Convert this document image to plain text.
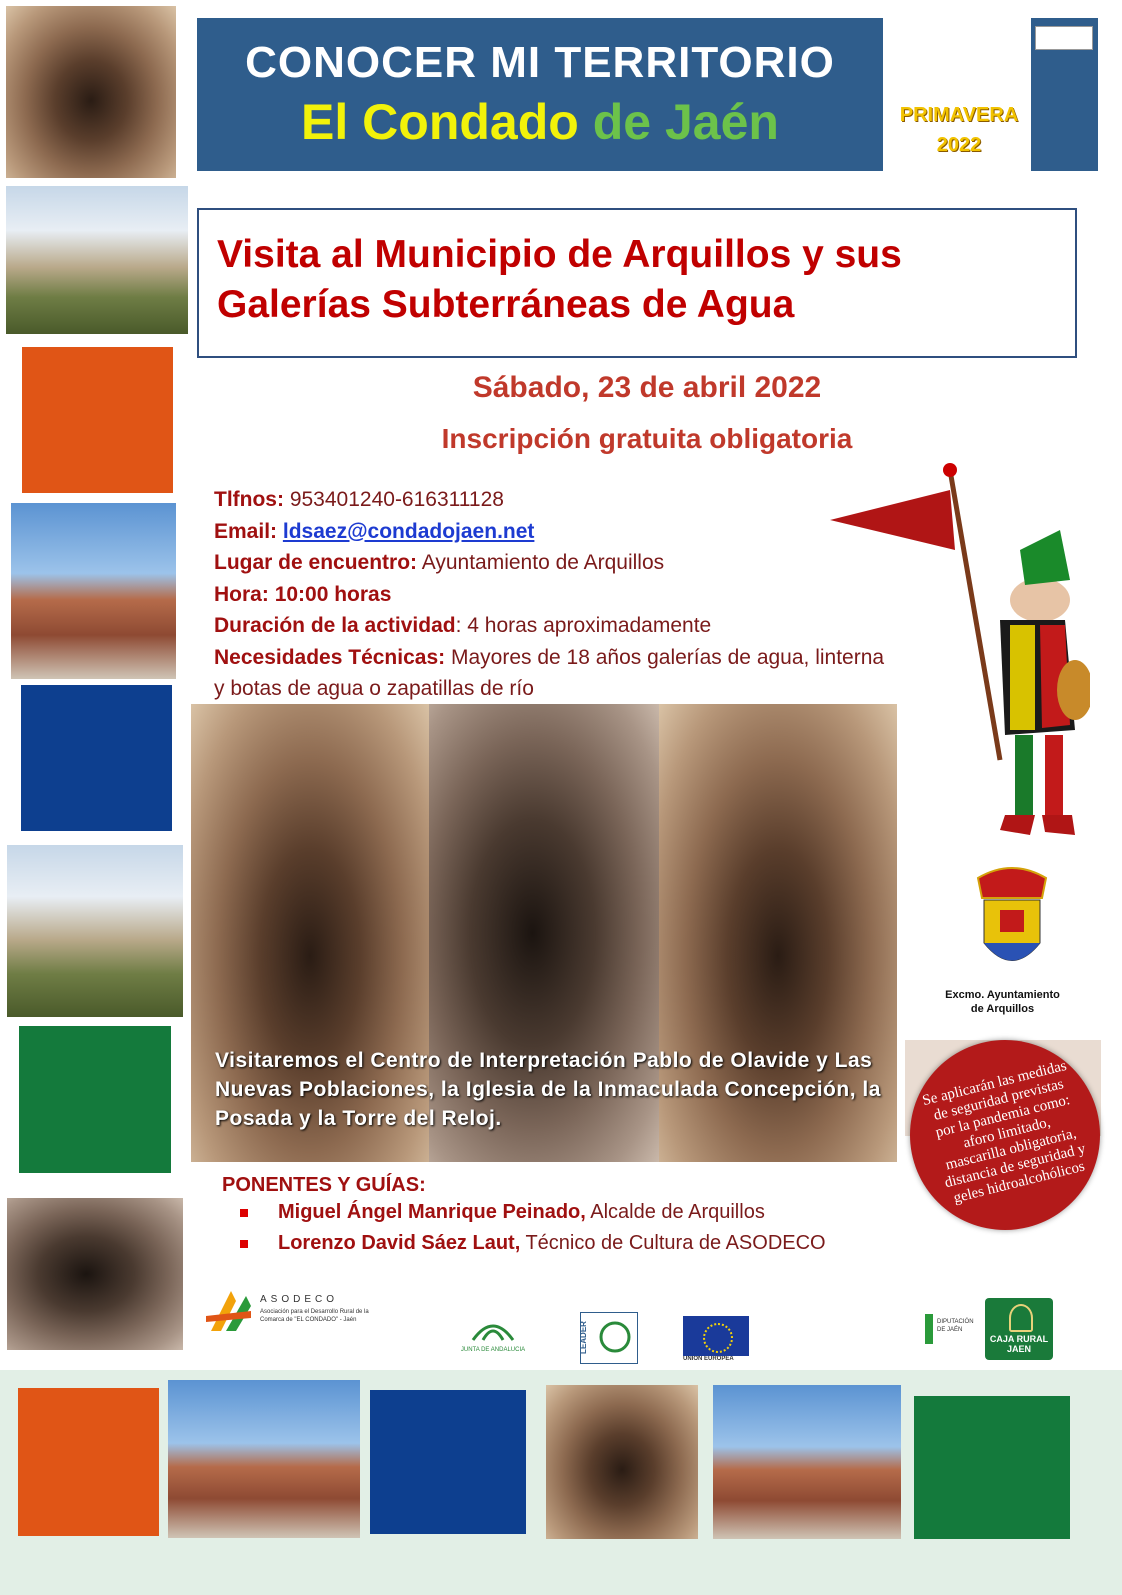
CONOCER MI TERRITORIO
El Condado de Jaén	PRIMAVERA
2022
Visita al Municipio de Arquillos y sus
Galerías Subterráneas de Agua
Sábado, 23 de abril 2022
Inscripción gratuita obligatoria
Tlfnos: 953401240-616311128
Email: ldsaez@condadojaen.net
Lugar de encuentro: Ayuntamiento de Arquillos
Hora: 10:00 horas
Duración de la actividad: 4 horas aproximadamente
Necesidades Técnicas: Mayores de 18 años galerías de agua, linterna
y botas de agua o zapatillas de río
Excmo. Ayuntamiento
de Arquillos
Visitaremos el Centro de Interpretación Pablo de Olavide y Las Nuevas Poblaciones, la Iglesia de la Inmaculada Concepción, la Posada y la Torre del Reloj.
Se aplicarán las medidas de seguridad previstas por la pandemia como: aforo limitado, mascarilla obligatoria, distancia de seguridad y geles hidroalcohólicos
PONENTES Y GUÍAS:
Miguel Ángel Manrique Peinado, Alcalde de Arquillos
Lorenzo David Sáez Laut, Técnico de Cultura de ASODECO
ASODECO
Asociación para el Desarrollo Rural de la Comarca de "EL CONDADO" - Jaén
JUNTA DE ANDALUCIA	LEADER
UNIÓN EUROPEA
DIPUTACIÓN DE JAÉN
CAJA RURAL JAEN
